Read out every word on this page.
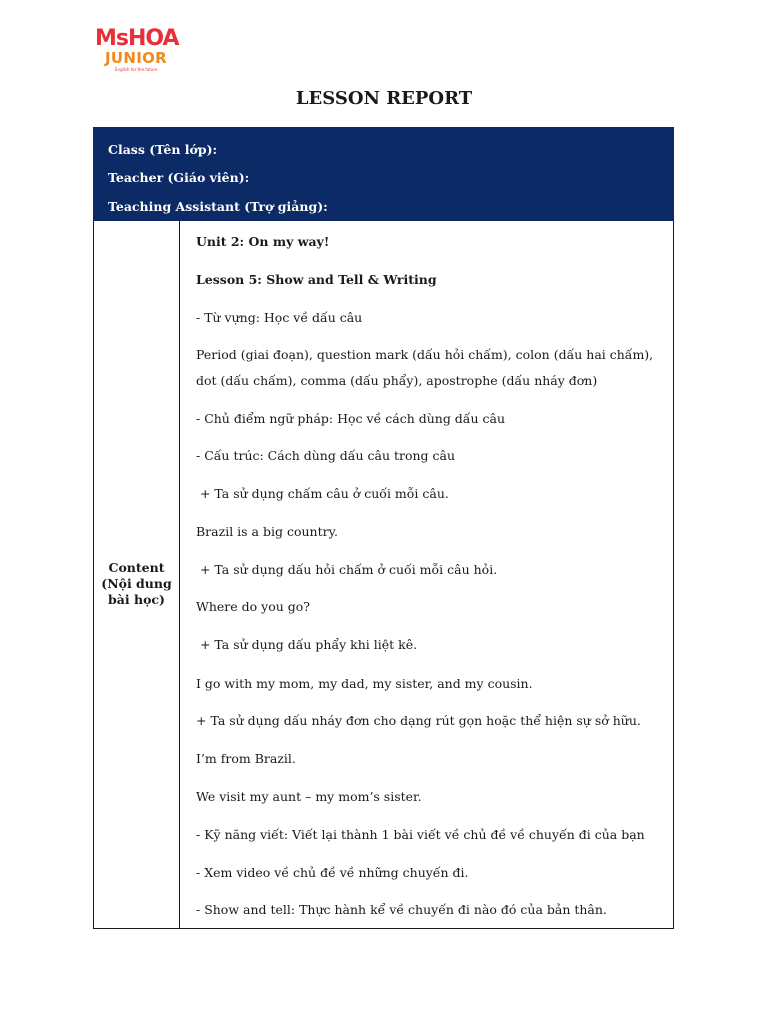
MsHOA
JUNIOR
English for the future
LESSON REPORT
Class (Tên lớp):
Teacher (Giáo viên):
Teaching Assistant (Trợ giảng):
Content
(Nội dung
bài học)
Unit 2: On my way!
Lesson 5: Show and Tell & Writing
- Từ vựng: Học về dấu câu
Period (giai đoạn), question mark (dấu hỏi chấm), colon (dấu hai chấm),
dot (dấu chấm), comma (dấu phẩy), apostrophe (dấu nháy đơn)
- Chủ điểm ngữ pháp: Học về cách dùng dấu câu
- Cấu trúc: Cách dùng dấu câu trong câu
+ Ta sử dụng chấm câu ở cuối mỗi câu.
Brazil is a big country.
+ Ta sử dụng dấu hỏi chấm ở cuối mỗi câu hỏi.
Where do you go?
+ Ta sử dụng dấu phẩy khi liệt kê.
I go with my mom, my dad, my sister, and my cousin.
+ Ta sử dụng dấu nháy đơn cho dạng rút gọn hoặc thể hiện sự sở hữu.
I’m from Brazil.
We visit my aunt – my mom’s sister.
- Kỹ năng viết: Viết lại thành 1 bài viết về chủ đề về chuyến đi của bạn
- Xem video về chủ đề về những chuyến đi.
- Show and tell: Thực hành kể về chuyến đi nào đó của bản thân.
